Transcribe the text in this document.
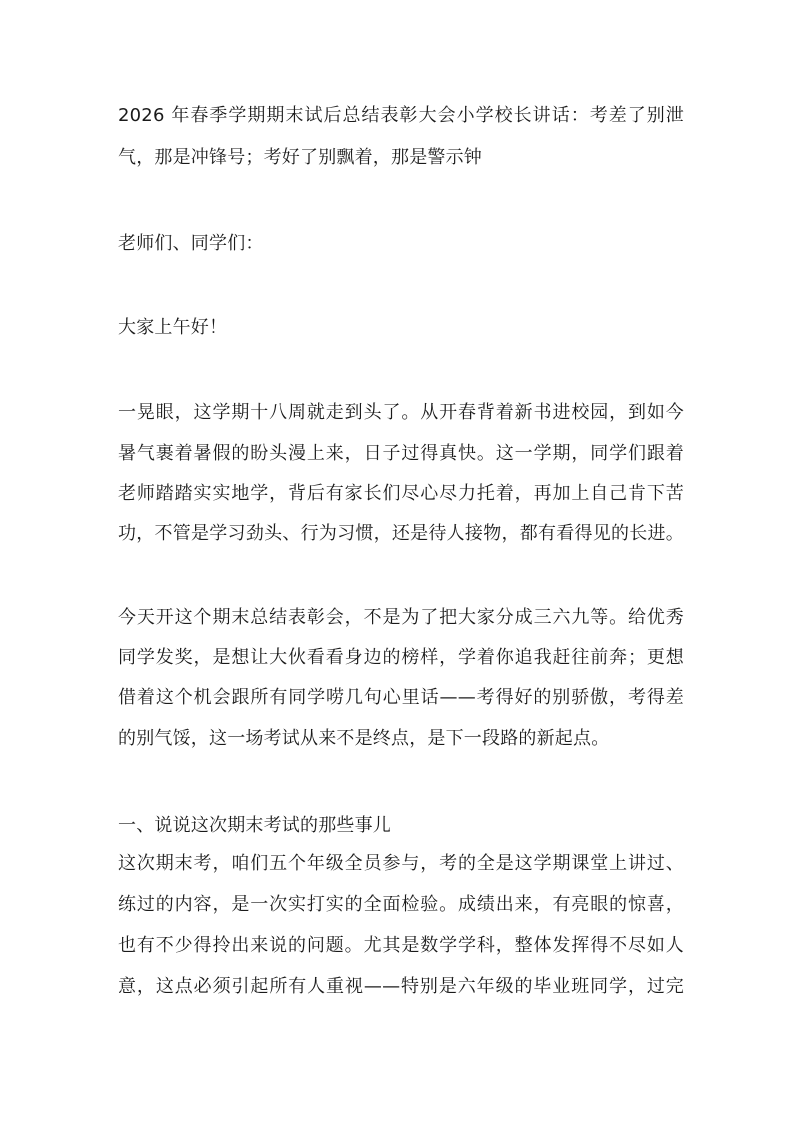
2026 年春季学期期末试后总结表彰大会小学校长讲话：考差了别泄
气，那是冲锋号；考好了别飘着，那是警示钟
老师们、同学们：
大家上午好！
一晃眼，这学期十八周就走到头了。从开春背着新书进校园，到如今
暑气裹着暑假的盼头漫上来，日子过得真快。这一学期，同学们跟着
老师踏踏实实地学，背后有家长们尽心尽力托着，再加上自己肯下苦
功，不管是学习劲头、行为习惯，还是待人接物，都有看得见的长进。
今天开这个期末总结表彰会，不是为了把大家分成三六九等。给优秀
同学发奖，是想让大伙看看身边的榜样，学着你追我赶往前奔；更想
借着这个机会跟所有同学唠几句心里话——考得好的别骄傲，考得差
的别气馁，这一场考试从来不是终点，是下一段路的新起点。
一、说说这次期末考试的那些事儿
这次期末考，咱们五个年级全员参与，考的全是这学期课堂上讲过、
练过的内容，是一次实打实的全面检验。成绩出来，有亮眼的惊喜，
也有不少得拎出来说的问题。尤其是数学学科，整体发挥得不尽如人
意，这点必须引起所有人重视——特别是六年级的毕业班同学，过完
